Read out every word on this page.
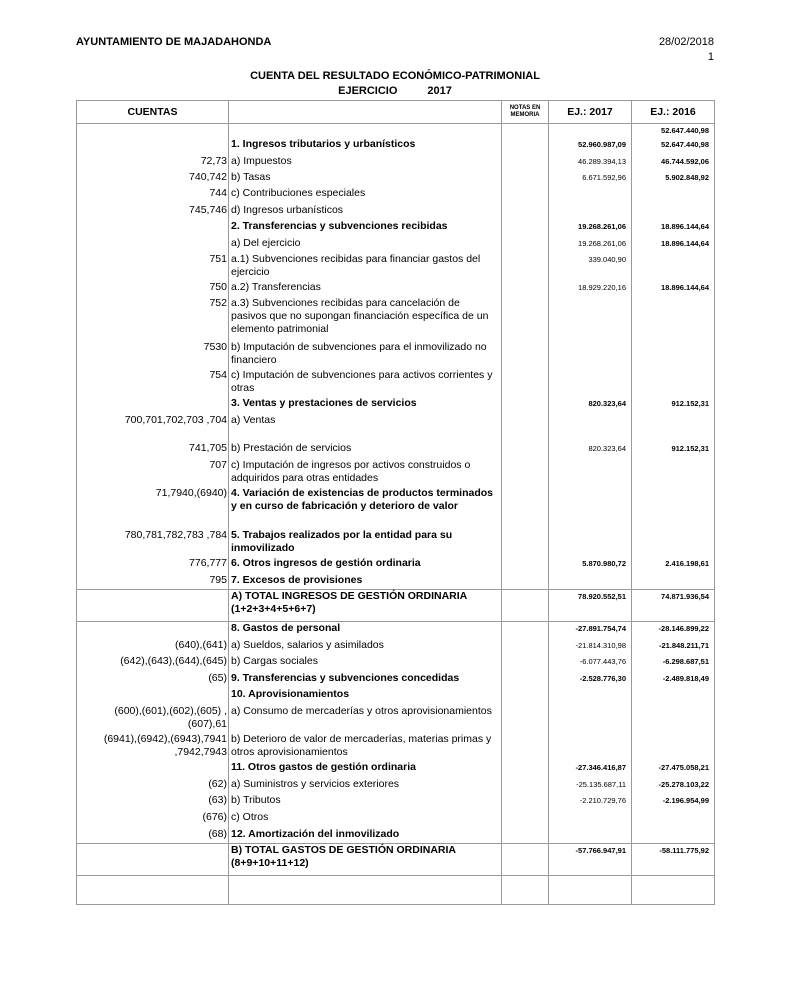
AYUNTAMIENTO DE MAJADAHONDA	28/02/2018
1
CUENTA DEL RESULTADO ECONÓMICO-PATRIMONIAL
EJERCICIO	2017
CUENTAS		NOTAS EN MEMORIA	EJ.: 2017	EJ.: 2016
				52.647.440,98
	1. Ingresos tributarios y urbanísticos		52.960.987,09	52.647.440,98
72,73	a) Impuestos		46.289.394,13	46.744.592,06
740,742	b) Tasas		6.671.592,96	5.902.848,92
744	c) Contribuciones especiales			
745,746	d) Ingresos urbanísticos			
	2. Transferencias y subvenciones recibidas		19.268.261,06	18.896.144,64
	a) Del ejercicio		19.268.261,06	18.896.144,64
751	a.1) Subvenciones recibidas para financiar gastos del ejercicio		339.040,90	
750	a.2) Transferencias		18.929.220,16	18.896.144,64
752	a.3) Subvenciones recibidas para cancelación de pasivos que no supongan financiación específica de un elemento patrimonial			
7530	b) Imputación de subvenciones para el inmovilizado no financiero			
754	c) Imputación de subvenciones para activos corrientes y otras			
	3. Ventas y prestaciones de servicios		820.323,64	912.152,31
700,701,702,703 ,704	a) Ventas			
741,705	b) Prestación de servicios		820.323,64	912.152,31
707	c) Imputación de ingresos por activos construidos o adquiridos para otras entidades			
71,7940,(6940)	4. Variación de existencias de productos terminados y en curso de fabricación y deterioro de valor			
780,781,782,783 ,784	5. Trabajos realizados por la entidad para su inmovilizado			
776,777	6. Otros ingresos de gestión ordinaria		5.870.980,72	2.416.198,61
795	7. Excesos de provisiones			
	A) TOTAL INGRESOS DE GESTIÓN ORDINARIA (1+2+3+4+5+6+7)		78.920.552,51	74.871.936,54
	8. Gastos de personal		-27.891.754,74	-28.146.899,22
(640),(641)	a) Sueldos, salarios y asimilados		-21.814.310,98	-21.848.211,71
(642),(643),(644),(645)	b) Cargas sociales		-6.077.443,76	-6.298.687,51
(65)	9. Transferencias y subvenciones concedidas		-2.528.776,30	-2.489.818,49
	10. Aprovisionamientos			
(600),(601),(602),(605) ,(607),61	a) Consumo de mercaderías y otros aprovisionamientos			
(6941),(6942),(6943),7941 ,7942,7943	b) Deterioro de valor de mercaderías, materias primas y otros aprovisionamientos			
	11. Otros gastos de gestión ordinaria		-27.346.416,87	-27.475.058,21
(62)	a) Suministros y servicios exteriores		-25.135.687,11	-25.278.103,22
(63)	b) Tributos		-2.210.729,76	-2.196.954,99
(676)	c) Otros			
(68)	12. Amortización del inmovilizado			
	B) TOTAL GASTOS DE GESTIÓN ORDINARIA (8+9+10+11+12)		-57.766.947,91	-58.111.775,92
